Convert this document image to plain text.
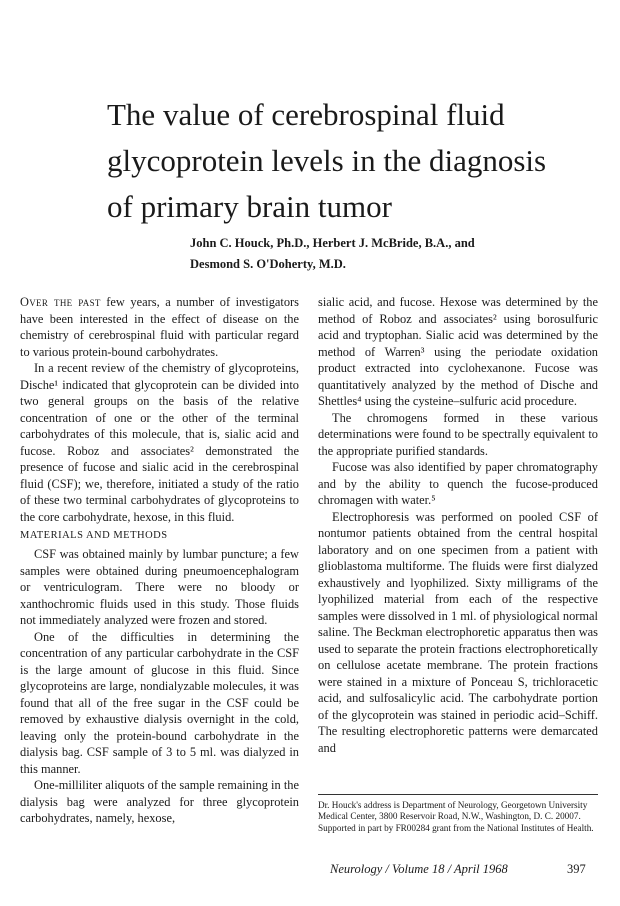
The value of cerebrospinal fluid
glycoprotein levels in the diagnosis
of primary brain tumor
John C. Houck, Ph.D., Herbert J. McBride, B.A., and
Desmond S. O'Doherty, M.D.

Over the past few years, a number of investigators have been interested in the effect of disease on the chemistry of cerebrospinal fluid with particular regard to various protein-bound carbohydrates.

In a recent review of the chemistry of glycoproteins, Dische¹ indicated that glycoprotein can be divided into two general groups on the basis of the relative concentration of one or the other of the terminal carbohydrates of this molecule, that is, sialic acid and fucose. Roboz and associates² demonstrated the presence of fucose and sialic acid in the cerebrospinal fluid (CSF); we, therefore, initiated a study of the ratio of these two terminal carbohydrates of glycoproteins to the core carbohydrate, hexose, in this fluid.

MATERIALS AND METHODS

CSF was obtained mainly by lumbar puncture; a few samples were obtained during pneumoencephalogram or ventriculogram. There were no bloody or xanthochromic fluids used in this study. Those fluids not immediately analyzed were frozen and stored.

One of the difficulties in determining the concentration of any particular carbohydrate in the CSF is the large amount of glucose in this fluid. Since glycoproteins are large, nondialyzable molecules, it was found that all of the free sugar in the CSF could be removed by exhaustive dialysis overnight in the cold, leaving only the protein-bound carbohydrate in the dialysis bag. CSF sample of 3 to 5 ml. was dialyzed in this manner.

One-milliliter aliquots of the sample remaining in the dialysis bag were analyzed for three glycoprotein carbohydrates, namely, hexose,

sialic acid, and fucose. Hexose was determined by the method of Roboz and associates² using borosulfuric acid and tryptophan. Sialic acid was determined by the method of Warren³ using the periodate oxidation product extracted into cyclohexanone. Fucose was quantitatively analyzed by the method of Dische and Shettles⁴ using the cysteine–sulfuric acid procedure.

The chromogens formed in these various determinations were found to be spectrally equivalent to the appropriate purified standards.

Fucose was also identified by paper chromatography and by the ability to quench the fucose-produced chromagen with water.⁵

Electrophoresis was performed on pooled CSF of nontumor patients obtained from the central hospital laboratory and on one specimen from a patient with glioblastoma multiforme. The fluids were first dialyzed exhaustively and lyophilized. Sixty milligrams of the lyophilized material from each of the respective samples were dissolved in 1 ml. of physiological normal saline. The Beckman electrophoretic apparatus then was used to separate the protein fractions electrophoretically on cellulose acetate membrane. The protein fractions were stained in a mixture of Ponceau S, trichloracetic acid, and sulfosalicylic acid. The carbohydrate portion of the glycoprotein was stained in periodic acid–Schiff. The resulting electrophoretic patterns were demarcated and

Dr. Houck's address is Department of Neurology, Georgetown University Medical Center, 3800 Reservoir Road, N.W., Washington, D. C. 20007.
Supported in part by FR00284 grant from the National Institutes of Health.
Neurology / Volume 18 / April 1968	397
